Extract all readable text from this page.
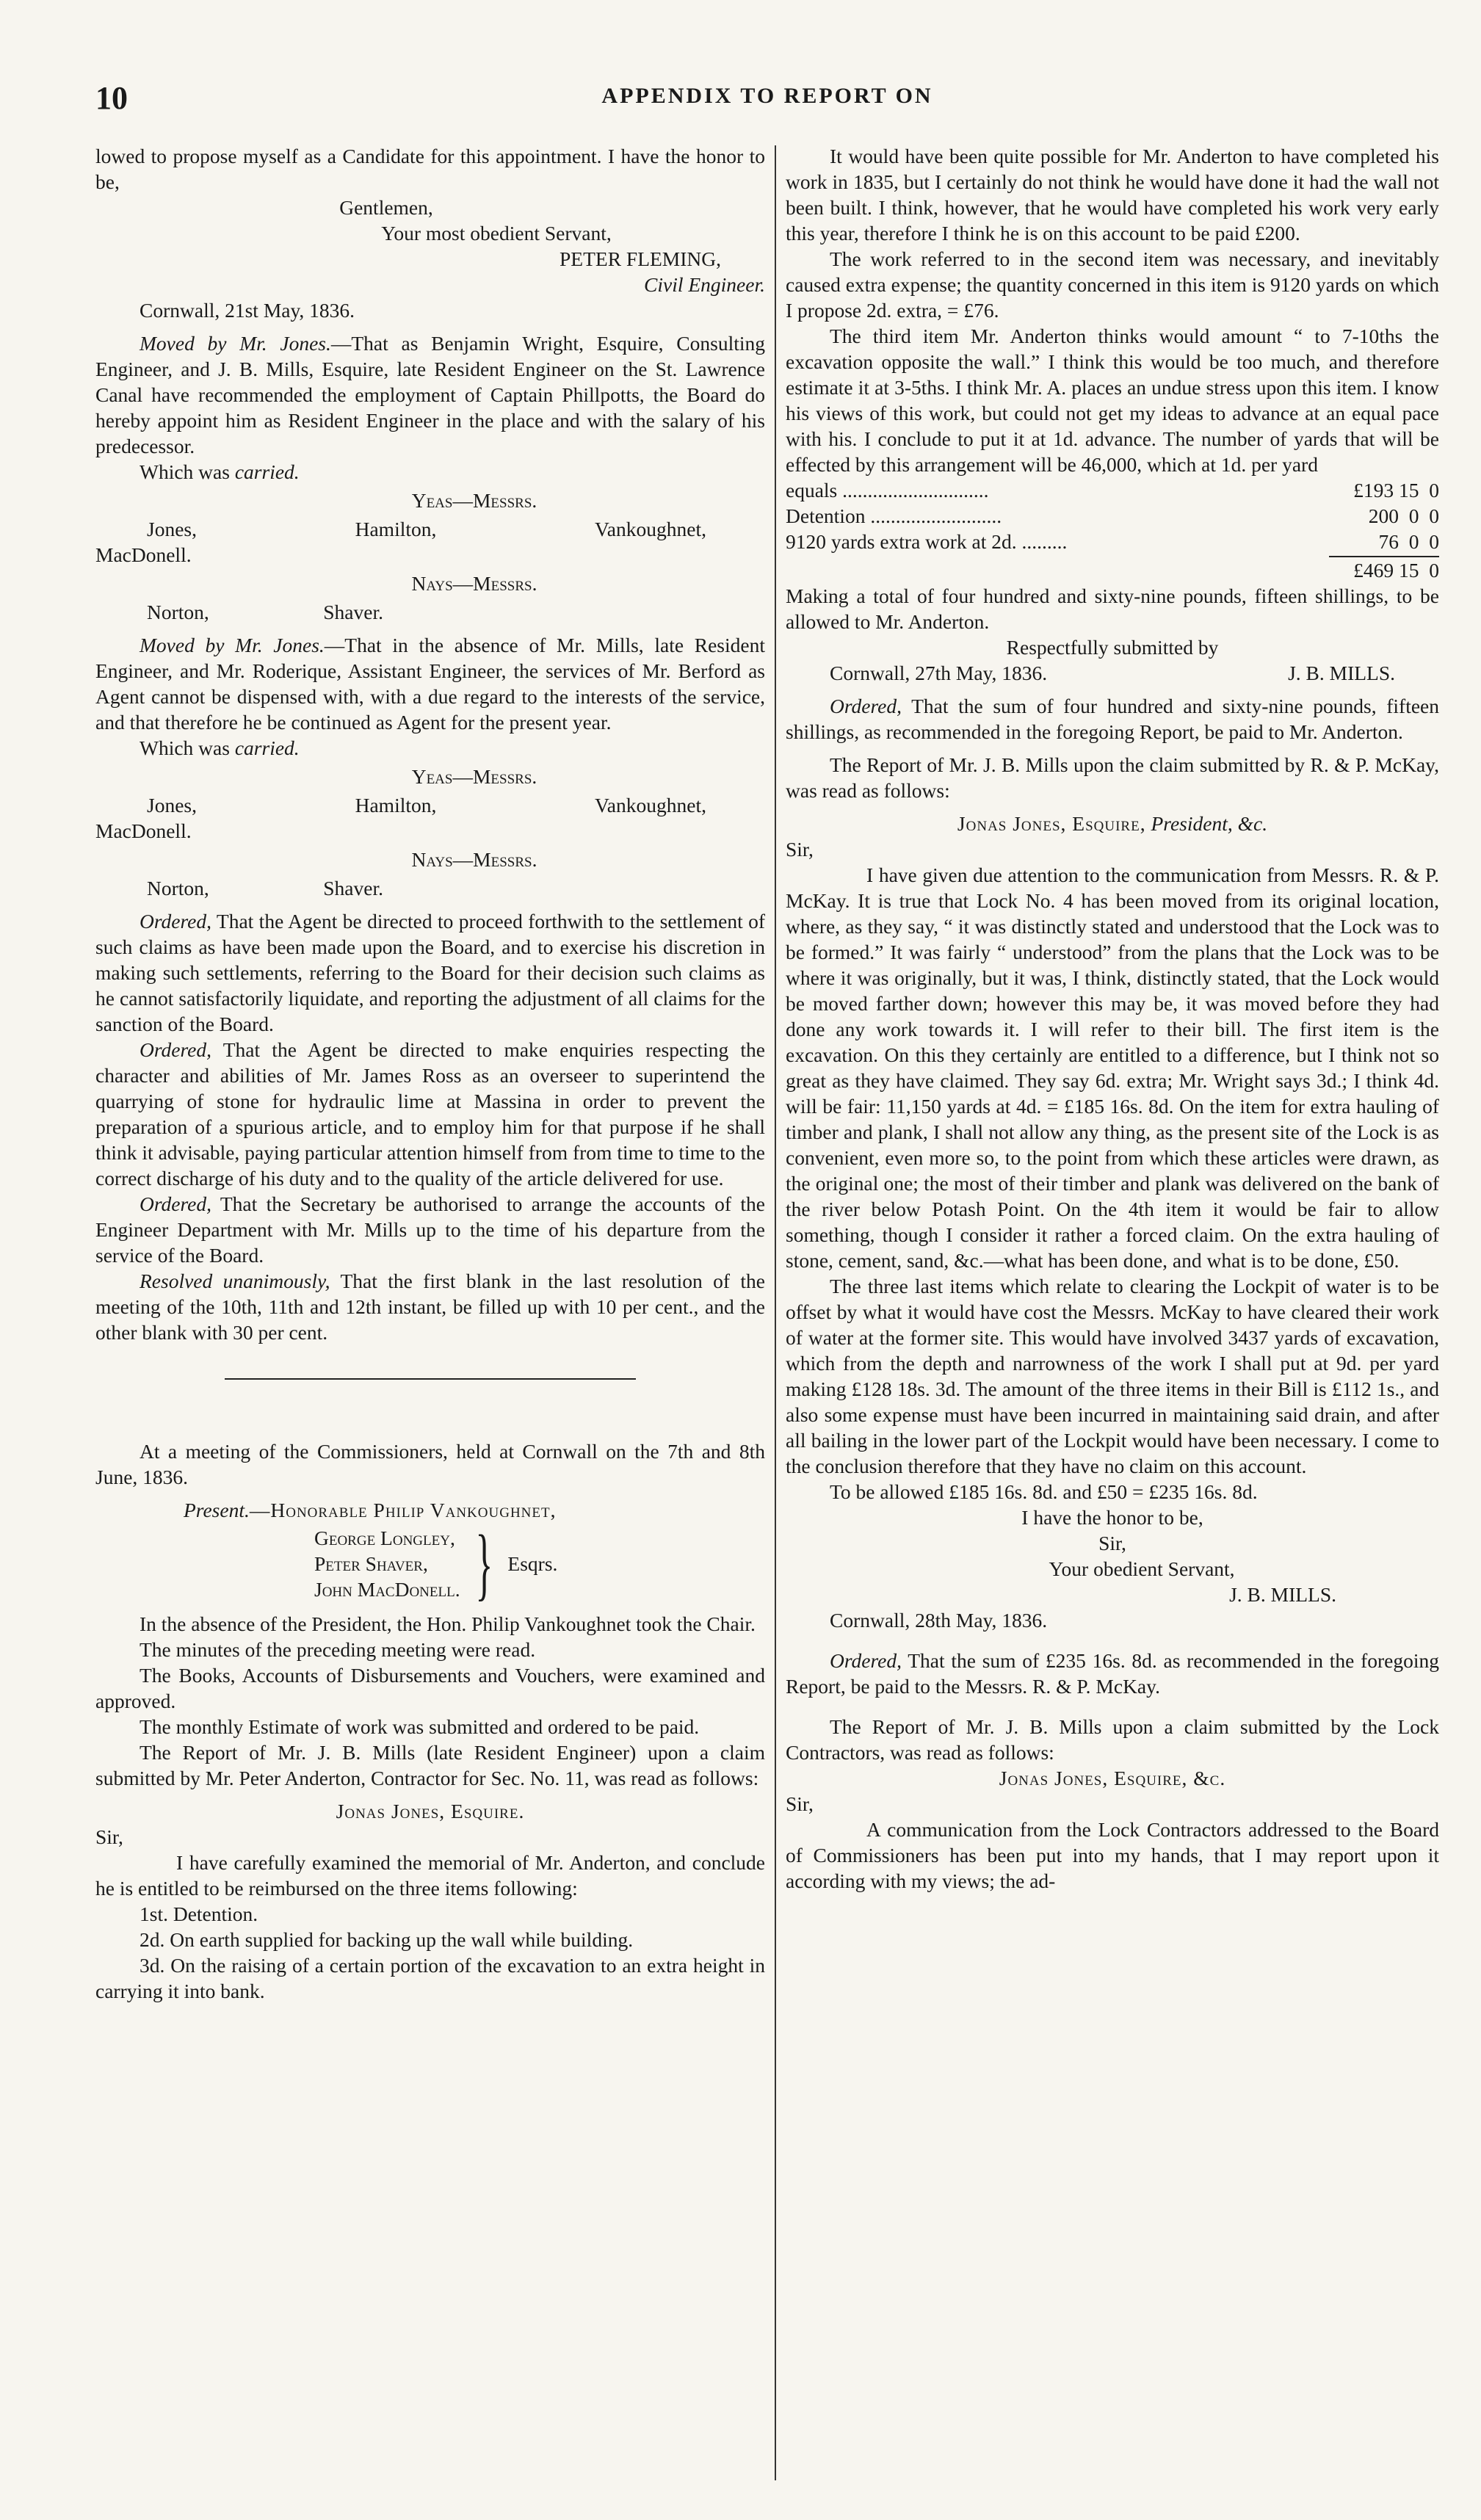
10	APPENDIX TO REPORT ON

lowed to propose myself as a Candidate for this appointment. I have the honor to be,

Gentlemen,

Your most obedient Servant,

PETER FLEMING,

Civil Engineer.

Cornwall, 21st May, 1836.

Moved by Mr. Jones.—That as Benjamin Wright, Esquire, Consulting Engineer, and J. B. Mills, Esquire, late Resident Engineer on the St. Lawrence Canal have recommended the employment of Captain Phillpotts, the Board do hereby appoint him as Resident Engineer in the place and with the salary of his predecessor.

Which was carried.

Yeas—Messrs.

Jones,	Hamilton,	Vankoughnet,

MacDonell.

Nays—Messrs.

Norton,	Shaver.

Moved by Mr. Jones.—That in the absence of Mr. Mills, late Resident Engineer, and Mr. Roderique, Assistant Engineer, the services of Mr. Berford as Agent cannot be dispensed with, with a due regard to the interests of the service, and that therefore he be continued as Agent for the present year.

Which was carried.

Yeas—Messrs.

Jones,	Hamilton,	Vankoughnet,

MacDonell.

Nays—Messrs.

Norton,	Shaver.

Ordered, That the Agent be directed to proceed forthwith to the settlement of such claims as have been made upon the Board, and to exercise his discretion in making such settlements, referring to the Board for their decision such claims as he cannot satisfactorily liquidate, and reporting the adjustment of all claims for the sanction of the Board.

Ordered, That the Agent be directed to make enquiries respecting the character and abilities of Mr. James Ross as an overseer to superintend the quarrying of stone for hydraulic lime at Massina in order to prevent the preparation of a spurious article, and to employ him for that purpose if he shall think it advisable, paying particular attention himself from from time to time to the correct discharge of his duty and to the quality of the article delivered for use.

Ordered, That the Secretary be authorised to arrange the accounts of the Engineer Department with Mr. Mills up to the time of his departure from the service of the Board.

Resolved unanimously, That the first blank in the last resolution of the meeting of the 10th, 11th and 12th instant, be filled up with 10 per cent., and the other blank with 30 per cent.

At a meeting of the Commissioners, held at Cornwall on the 7th and 8th June, 1836.

Present.—Honorable Philip Vankoughnet,

George Longley,

Peter Shaver,

John MacDonell. } Esqrs.

In the absence of the President, the Hon. Philip Vankoughnet took the Chair.

The minutes of the preceding meeting were read.

The Books, Accounts of Disbursements and Vouchers, were examined and approved.

The monthly Estimate of work was submitted and ordered to be paid.

The Report of Mr. J. B. Mills (late Resident Engineer) upon a claim submitted by Mr. Peter Anderton, Contractor for Sec. No. 11, was read as follows:

Jonas Jones, Esquire.

Sir,

I have carefully examined the memorial of Mr. Anderton, and conclude he is entitled to be reimbursed on the three items following:

1st. Detention.

2d. On earth supplied for backing up the wall while building.

3d. On the raising of a certain portion of the excavation to an extra height in carrying it into bank.

It would have been quite possible for Mr. Anderton to have completed his work in 1835, but I certainly do not think he would have done it had the wall not been built. I think, however, that he would have completed his work very early this year, therefore I think he is on this account to be paid £200.

The work referred to in the second item was necessary, and inevitably caused extra expense; the quantity concerned in this item is 9120 yards on which I propose 2d. extra, = £76.

The third item Mr. Anderton thinks would amount “ to 7-10ths the excavation opposite the wall.” I think this would be too much, and therefore estimate it at 3-5ths. I think Mr. A. places an undue stress upon this item. I know his views of this work, but could not get my ideas to advance at an equal pace with his. I conclude to put it at 1d. advance. The number of yards that will be effected by this arrangement will be 46,000, which at 1d. per yard

equals .............................	£193 15  0
Detention ..........................	200  0  0
9120 yards extra work at 2d. .........	76  0  0

£469 15  0

Making a total of four hundred and sixty-nine pounds, fifteen shillings, to be allowed to Mr. Anderton.

Respectfully submitted by

Cornwall, 27th May, 1836.	J. B. MILLS.

Ordered, That the sum of four hundred and sixty-nine pounds, fifteen shillings, as recommended in the foregoing Report, be paid to Mr. Anderton.

The Report of Mr. J. B. Mills upon the claim submitted by R. & P. McKay, was read as follows:

Jonas Jones, Esquire, President, &c.

Sir,

I have given due attention to the communication from Messrs. R. & P. McKay. It is true that Lock No. 4 has been moved from its original location, where, as they say, “ it was distinctly stated and understood that the Lock was to be formed.” It was fairly “ understood” from the plans that the Lock was to be where it was originally, but it was, I think, distinctly stated, that the Lock would be moved farther down; however this may be, it was moved before they had done any work towards it. I will refer to their bill. The first item is the excavation. On this they certainly are entitled to a difference, but I think not so great as they have claimed. They say 6d. extra; Mr. Wright says 3d.; I think 4d. will be fair: 11,150 yards at 4d. = £185 16s. 8d. On the item for extra hauling of timber and plank, I shall not allow any thing, as the present site of the Lock is as convenient, even more so, to the point from which these articles were drawn, as the original one; the most of their timber and plank was delivered on the bank of the river below Potash Point. On the 4th item it would be fair to allow something, though I consider it rather a forced claim. On the extra hauling of stone, cement, sand, &c.—what has been done, and what is to be done, £50.

The three last items which relate to clearing the Lockpit of water is to be offset by what it would have cost the Messrs. McKay to have cleared their work of water at the former site. This would have involved 3437 yards of excavation, which from the depth and narrowness of the work I shall put at 9d. per yard making £128 18s. 3d. The amount of the three items in their Bill is £112 1s., and also some expense must have been incurred in maintaining said drain, and after all bailing in the lower part of the Lockpit would have been necessary. I come to the conclusion therefore that they have no claim on this account.

To be allowed £185 16s. 8d. and £50 = £235 16s. 8d.

I have the honor to be,

Sir,

Your obedient Servant,

J. B. MILLS.

Cornwall, 28th May, 1836.

Ordered, That the sum of £235 16s. 8d. as recommended in the foregoing Report, be paid to the Messrs. R. & P. McKay.

The Report of Mr. J. B. Mills upon a claim submitted by the Lock Contractors, was read as follows:

Jonas Jones, Esquire, &c.

Sir,

A communication from the Lock Contractors addressed to the Board of Commissioners has been put into my hands, that I may report upon it according with my views; the ad-
